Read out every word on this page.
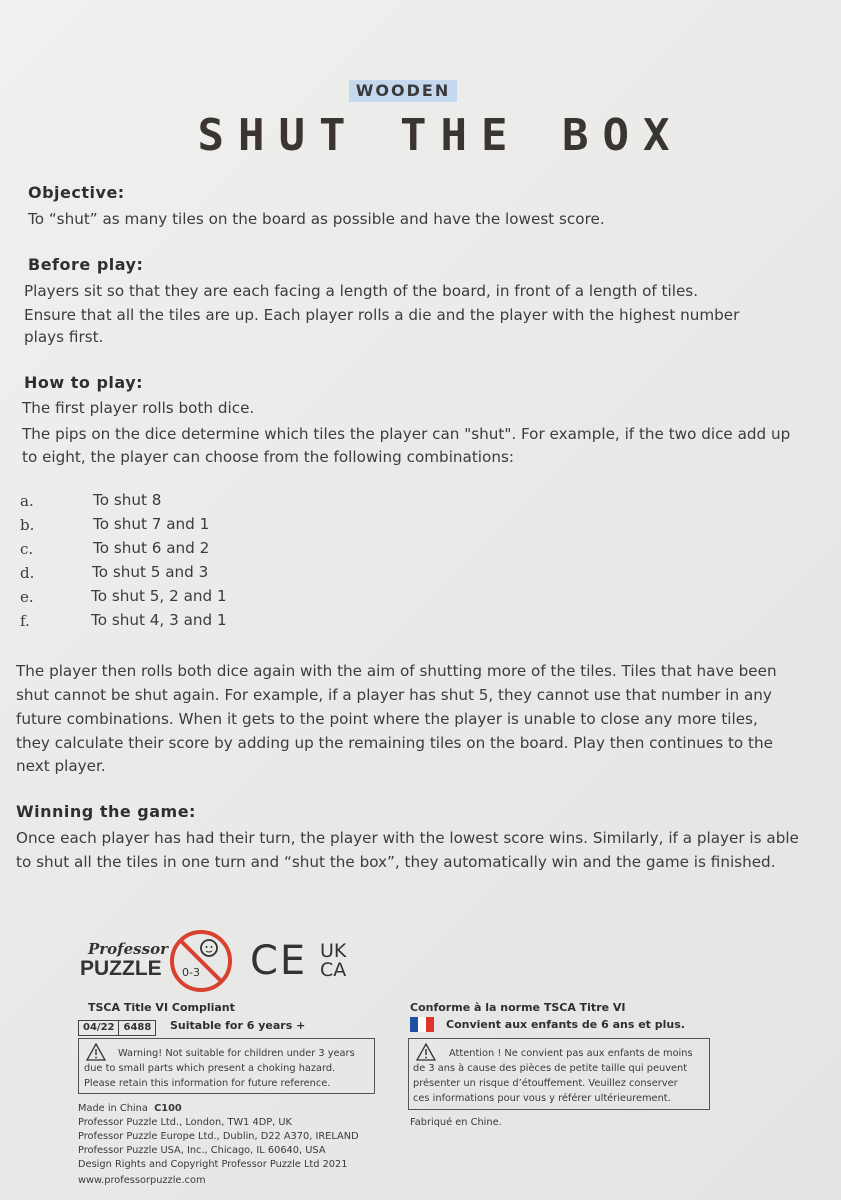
WOODEN
SHUT THE BOX
Objective:
To “shut” as many tiles on the board as possible and have the lowest score.
Before play:
Players sit so that they are each facing a length of the board, in front of a length of tiles.
Ensure that all the tiles are up. Each player rolls a die and the player with the highest number
plays first.
How to play:
The first player rolls both dice.
The pips on the dice determine which tiles the player can "shut". For example, if the two dice add up
to eight, the player can choose from the following combinations:
a.	To shut 8
b.	To shut 7 and 1
c.	To shut 6 and 2
d.	To shut 5 and 3
e.	To shut 5, 2 and 1
f.	To shut 4, 3 and 1
The player then rolls both dice again with the aim of shutting more of the tiles. Tiles that have been
shut cannot be shut again. For example, if a player has shut 5, they cannot use that number in any
future combinations. When it gets to the point where the player is unable to close any more tiles,
they calculate their score by adding up the remaining tiles on the board. Play then continues to the
next player.
Winning the game:
Once each player has had their turn, the player with the lowest score wins. Similarly, if a player is able
to shut all the tiles in one turn and “shut the box”, they automatically win and the game is finished.
Professor
PUZZLE 0-3 CE UK
CA
TSCA Title VI Compliant
04/22 6488	Suitable for 6 years +
Warning! Not suitable for children under 3 years
due to small parts which present a choking hazard.
Please retain this information for future reference.
Made in China C100
Professor Puzzle Ltd., London, TW1 4DP, UK
Professor Puzzle Europe Ltd., Dublin, D22 A370, IRELAND
Professor Puzzle USA, Inc., Chicago, IL 60640, USA
Design Rights and Copyright Professor Puzzle Ltd 2021
www.professorpuzzle.com
Conforme à la norme TSCA Titre VI
Convient aux enfants de 6 ans et plus.
Attention ! Ne convient pas aux enfants de moins
de 3 ans à cause des pièces de petite taille qui peuvent
présenter un risque d’étouffement. Veuillez conserver
ces informations pour vous y référer ultérieurement.
Fabriqué en Chine.
